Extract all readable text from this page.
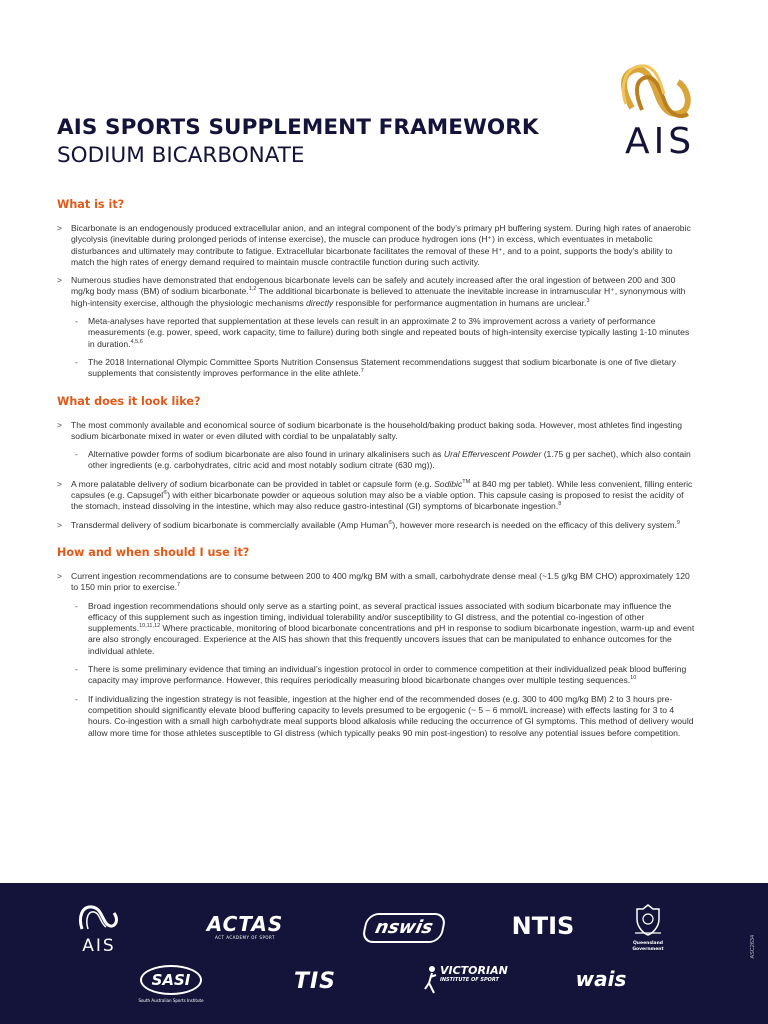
AIS SPORTS SUPPLEMENT FRAMEWORK
SODIUM BICARBONATE	AIS
What is it?
> Bicarbonate is an endogenously produced extracellular anion, and an integral component of the body’s primary pH buffering system. During high rates of anaerobic glycolysis (inevitable during prolonged periods of intense exercise), the muscle can produce hydrogen ions (H⁺) in excess, which eventuates in metabolic disturbances and ultimately may contribute to fatigue. Extracellular bicarbonate facilitates the removal of these H⁺, and to a point, supports the body’s ability to match the high rates of energy demand required to maintain muscle contractile function during such activity.
> Numerous studies have demonstrated that endogenous bicarbonate levels can be safely and acutely increased after the oral ingestion of between 200 and 300 mg/kg body mass (BM) of sodium bicarbonate.$^{1,2}$ The additional bicarbonate is believed to attenuate the inevitable increase in intramuscular H⁺, synonymous with high-intensity exercise, although the physiologic mechanisms directly responsible for performance augmentation in humans are unclear.$^3$
- Meta-analyses have reported that supplementation at these levels can result in an approximate 2 to 3% improvement across a variety of performance measurements (e.g. power, speed, work capacity, time to failure) during both single and repeated bouts of high-intensity exercise typically lasting 1-10 minutes in duration.$^{4,5,6}$
- The 2018 International Olympic Committee Sports Nutrition Consensus Statement recommendations suggest that sodium bicarbonate is one of five dietary supplements that consistently improves performance in the elite athlete.$^7$
What does it look like?
> The most commonly available and economical source of sodium bicarbonate is the household/baking product baking soda. However, most athletes find ingesting sodium bicarbonate mixed in water or even diluted with cordial to be unpalatably salty.
- Alternative powder forms of sodium bicarbonate are also found in urinary alkalinisers such as Ural Effervescent Powder (1.75 g per sachet), which also contain other ingredients (e.g. carbohydrates, citric acid and most notably sodium citrate (630 mg)).
> A more palatable delivery of sodium bicarbonate can be provided in tablet or capsule form (e.g. Sodibic™ at 840 mg per tablet). While less convenient, filling enteric capsules (e.g. Capsugel®) with either bicarbonate powder or aqueous solution may also be a viable option. This capsule casing is proposed to resist the acidity of the stomach, instead dissolving in the intestine, which may also reduce gastro-intestinal (GI) symptoms of bicarbonate ingestion.$^8$
> Transdermal delivery of sodium bicarbonate is commercially available (Amp Human®), however more research is needed on the efficacy of this delivery system.$^9$
How and when should I use it?
> Current ingestion recommendations are to consume between 200 to 400 mg/kg BM with a small, carbohydrate dense meal (~1.5 g/kg BM CHO) approximately 120 to 150 min prior to exercise.$^7$
- Broad ingestion recommendations should only serve as a starting point, as several practical issues associated with sodium bicarbonate may influence the efficacy of this supplement such as ingestion timing, individual tolerability and/or susceptibility to GI distress, and the potential co-ingestion of other supplements.$^{10,11,12}$ Where practicable, monitoring of blood bicarbonate concentrations and pH in response to sodium bicarbonate ingestion, warm-up and event are also strongly encouraged. Experience at the AIS has shown that this frequently uncovers issues that can be manipulated to enhance outcomes for the individual athlete.
- There is some preliminary evidence that timing an individual’s ingestion protocol in order to commence competition at their individualized peak blood buffering capacity may improve performance. However, this requires periodically measuring blood bicarbonate changes over multiple testing sequences.$^{10}$
- If individualizing the ingestion strategy is not feasible, ingestion at the higher end of the recommended doses (e.g. 300 to 400 mg/kg BM) 2 to 3 hours pre-competition should significantly elevate blood buffering capacity to levels presumed to be ergogenic (~ 5 – 6 mmol/L increase) with effects lasting for 3 to 4 hours. Co-ingestion with a small high carbohydrate meal supports blood alkalosis while reducing the occurrence of GI symptoms. This method of delivery would allow more time for those athletes susceptible to GI distress (which typically peaks 90 min post-ingestion) to resolve any potential issues before competition.
AIS
ACTAS
ACT ACADEMY OF SPORT	nswis	NTIS
Queensland Government
SASI
South Australian Sports Institute
TIS	VICTORIAN
INSTITUTE OF SPORT	wais
ASC2634
